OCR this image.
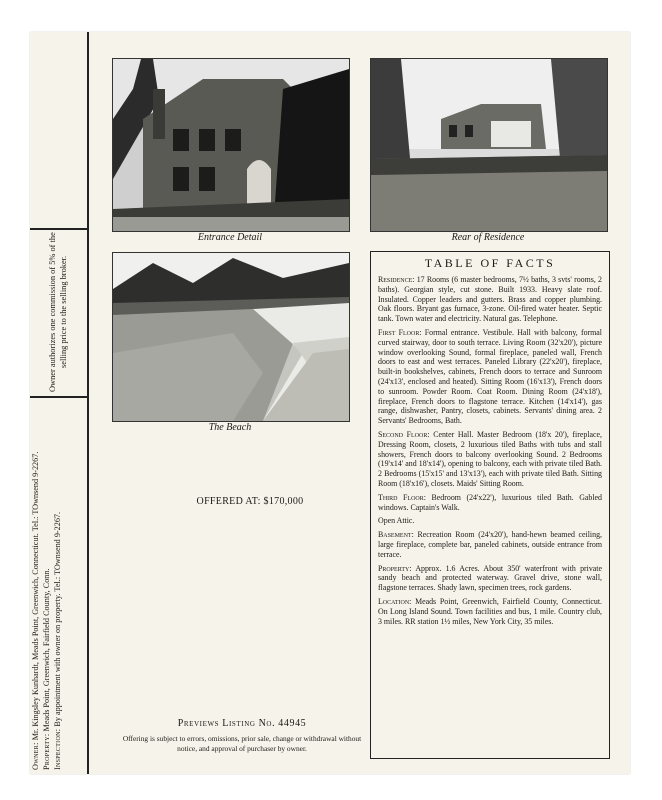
Owner authorizes one commission of 5% of the selling price to the selling broker.
Owner: Mr. Kingsley Kunhardt, Meads Point, Greenwich, Connecticut. Tel.: TOwnsend 9-2267.
Property: Meads Point, Greenwich, Fairfield County, Conn.
Inspection: By appointment with owner on property. Tel.: TOwnsend 9-2267.
Entrance Detail	Rear of Residence
The Beach
OFFERED AT: $170,000
Previews Listing No. 44945
Offering is subject to errors, omissions, prior sale, change or withdrawal without notice, and approval of purchaser by owner.
TABLE OF FACTS

Residence: 17 Rooms (6 master bedrooms, 7½ baths, 3 svts' rooms, 2 baths). Georgian style, cut stone. Built 1933. Heavy slate roof. Insulated. Copper leaders and gutters. Brass and copper plumbing. Oak floors. Bryant gas furnace, 3-zone. Oil-fired water heater. Septic tank. Town water and electricity. Natural gas. Telephone.

First Floor: Formal entrance. Vestibule. Hall with balcony, formal curved stairway, door to south terrace. Living Room (32'x20'), picture window overlooking Sound, formal fireplace, paneled wall, French doors to east and west terraces. Paneled Library (22'x20'), fireplace, built-in bookshelves, cabinets, French doors to terrace and Sunroom (24'x13', enclosed and heated). Sitting Room (16'x13'), French doors to sunroom. Powder Room. Coat Room. Dining Room (24'x18'), fireplace, French doors to flagstone terrace. Kitchen (14'x14'), gas range, dishwasher, Pantry, closets, cabinets. Servants' dining area. 2 Servants' Bedrooms, Bath.

Second Floor: Center Hall. Master Bedroom (18'x 20'), fireplace, Dressing Room, closets, 2 luxurious tiled Baths with tubs and stall showers, French doors to balcony overlooking Sound. 2 Bedrooms (19'x14' and 18'x14'), opening to balcony, each with private tiled Bath. 2 Bedrooms (15'x15' and 13'x13'), each with private tiled Bath. Sitting Room (18'x16'), closets. Maids' Sitting Room.

Third Floor: Bedroom (24'x22'), luxurious tiled Bath. Gabled windows. Captain's Walk.

Open Attic.

Basement: Recreation Room (24'x20'), hand-hewn beamed ceiling, large fireplace, complete bar, paneled cabinets, outside entrance from terrace.

Property: Approx. 1.6 Acres. About 350' waterfront with private sandy beach and protected waterway. Gravel drive, stone wall, flagstone terraces. Shady lawn, specimen trees, rock gardens.

Location: Meads Point, Greenwich, Fairfield County, Connecticut. On Long Island Sound. Town facilities and bus, 1 mile. Country club, 3 miles. RR station 1½ miles, New York City, 35 miles.
